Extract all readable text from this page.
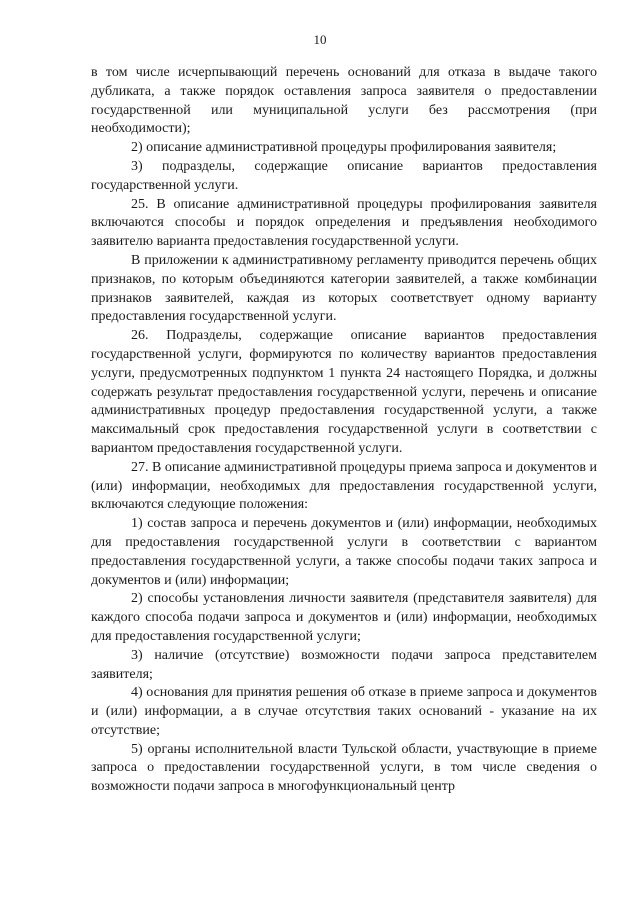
10

в том числе исчерпывающий перечень оснований для отказа в выдаче такого дубликата, а также порядок оставления запроса заявителя о предоставлении государственной или муниципальной услуги без рассмотрения (при необходимости);

2) описание административной процедуры профилирования заявителя;

3) подразделы, содержащие описание вариантов предоставления государственной услуги.

25. В описание административной процедуры профилирования заявителя включаются способы и порядок определения и предъявления необходимого заявителю варианта предоставления государственной услуги.

В приложении к административному регламенту приводится перечень общих признаков, по которым объединяются категории заявителей, а также комбинации признаков заявителей, каждая из которых соответствует одному варианту предоставления государственной услуги.

26. Подразделы, содержащие описание вариантов предоставления государственной услуги, формируются по количеству вариантов предоставления услуги, предусмотренных подпунктом 1 пункта 24 настоящего Порядка, и должны содержать результат предоставления государственной услуги, перечень и описание административных процедур предоставления государственной услуги, а также максимальный срок предоставления государственной услуги в соответствии с вариантом предоставления государственной услуги.

27. В описание административной процедуры приема запроса и документов и (или) информации, необходимых для предоставления государственной услуги, включаются следующие положения:

1) состав запроса и перечень документов и (или) информации, необходимых для предоставления государственной услуги в соответствии с вариантом предоставления государственной услуги, а также способы подачи таких запроса и документов и (или) информации;

2) способы установления личности заявителя (представителя заявителя) для каждого способа подачи запроса и документов и (или) информации, необходимых для предоставления государственной услуги;

3) наличие (отсутствие) возможности подачи запроса представителем заявителя;

4) основания для принятия решения об отказе в приеме запроса и документов и (или) информации, а в случае отсутствия таких оснований - указание на их отсутствие;

5) органы исполнительной власти Тульской области, участвующие в приеме запроса о предоставлении государственной услуги, в том числе сведения о возможности подачи запроса в многофункциональный центр
